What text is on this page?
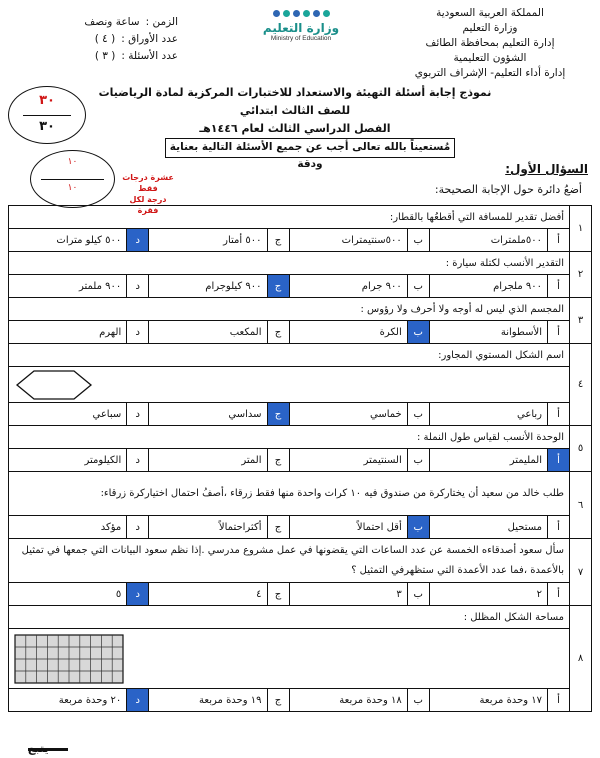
المملكة العربية السعودية
وزارة التعليم
إدارة التعليم بمحافظة الطائف
الشؤون التعليمية
إدارة أداء التعليم- الإشراف التربوي
وزارة التعليم
Ministry of Education
الزمن :
ساعة ونصف
عدد الأوراق :
( ٤ )
عدد الأسئلة :
( ٣ )
نموذج إجابة أسئلة التهيئة والاستعداد للاختبارات المركزية لمادة الرياضيات للصف الثالث ابتدائي
الفصل الدراسي الثالث لعام ١٤٤٦هـ
٣٠
٣٠
مُستعيناً بالله تعالى أجب عن جميع الأسئلة التالية بعناية ودقة
١٠
١٠
عشرة درجات فقط
درجة لكل فقرة
السؤال الأول:
أضعُ دائرة حول الإجابة الصحيحة:
١	أفضل تقدير للمسافة التي أقطعُها بالقطار:							
	أ	٥٠٠ملمترات	ب	٥٠٠سنتيمترات	ج	٥٠٠ أمتار	د	٥٠٠ كيلو مترات
٢	التقدير الأنسب لكتلة سيارة :							
	أ	٩٠٠ ملجرام	ب	٩٠٠ جرام	ج	٩٠٠ كيلوجرام	د	٩٠٠ ملمتر
٣	المجسم الذي ليس له أوجه ولا أحرف ولا رؤوس :							
	أ	الأسطوانة	ب	الكرة	ج	المكعب	د	الهرم
٤	اسم الشكل المستوي المجاور:							

	أ	رباعي	ب	خماسي	ج	سداسي	د	سباعي
٥	الوحدة الأنسب لقياس طول النملة :							
	أ	المليمتر	ب	السنتيمتر	ج	المتر	د	الكيلومتر
٦	طلب خالد من سعيد أن يختاركرة من صندوق فيه ١٠ كرات واحدة منها فقط زرقاء ،أصفُ احتمال اختياركرة زرقاء:							
	أ	مستحيل	ب	أقل احتمالاً	ج	أكثراحتمالاً	د	مؤكد
٧	سأل سعود أصدقاءه الخمسة عن عدد الساعات التي يقضونها في عمل مشروع مدرسي .إذا نظم سعود البيانات التي جمعها في تمثيل بالأعمدة ،فما عدد الأعمدة التي ستظهرفي التمثيل ؟							
	أ	٢	ب	٣	ج	٤	د	٥
٨	مساحة الشكل المظلل :							

	أ	١٧ وحدة مربعة	ب	١٨ وحدة مربعة	ج	١٩ وحدة مربعة	د	٢٠ وحدة مربعة
